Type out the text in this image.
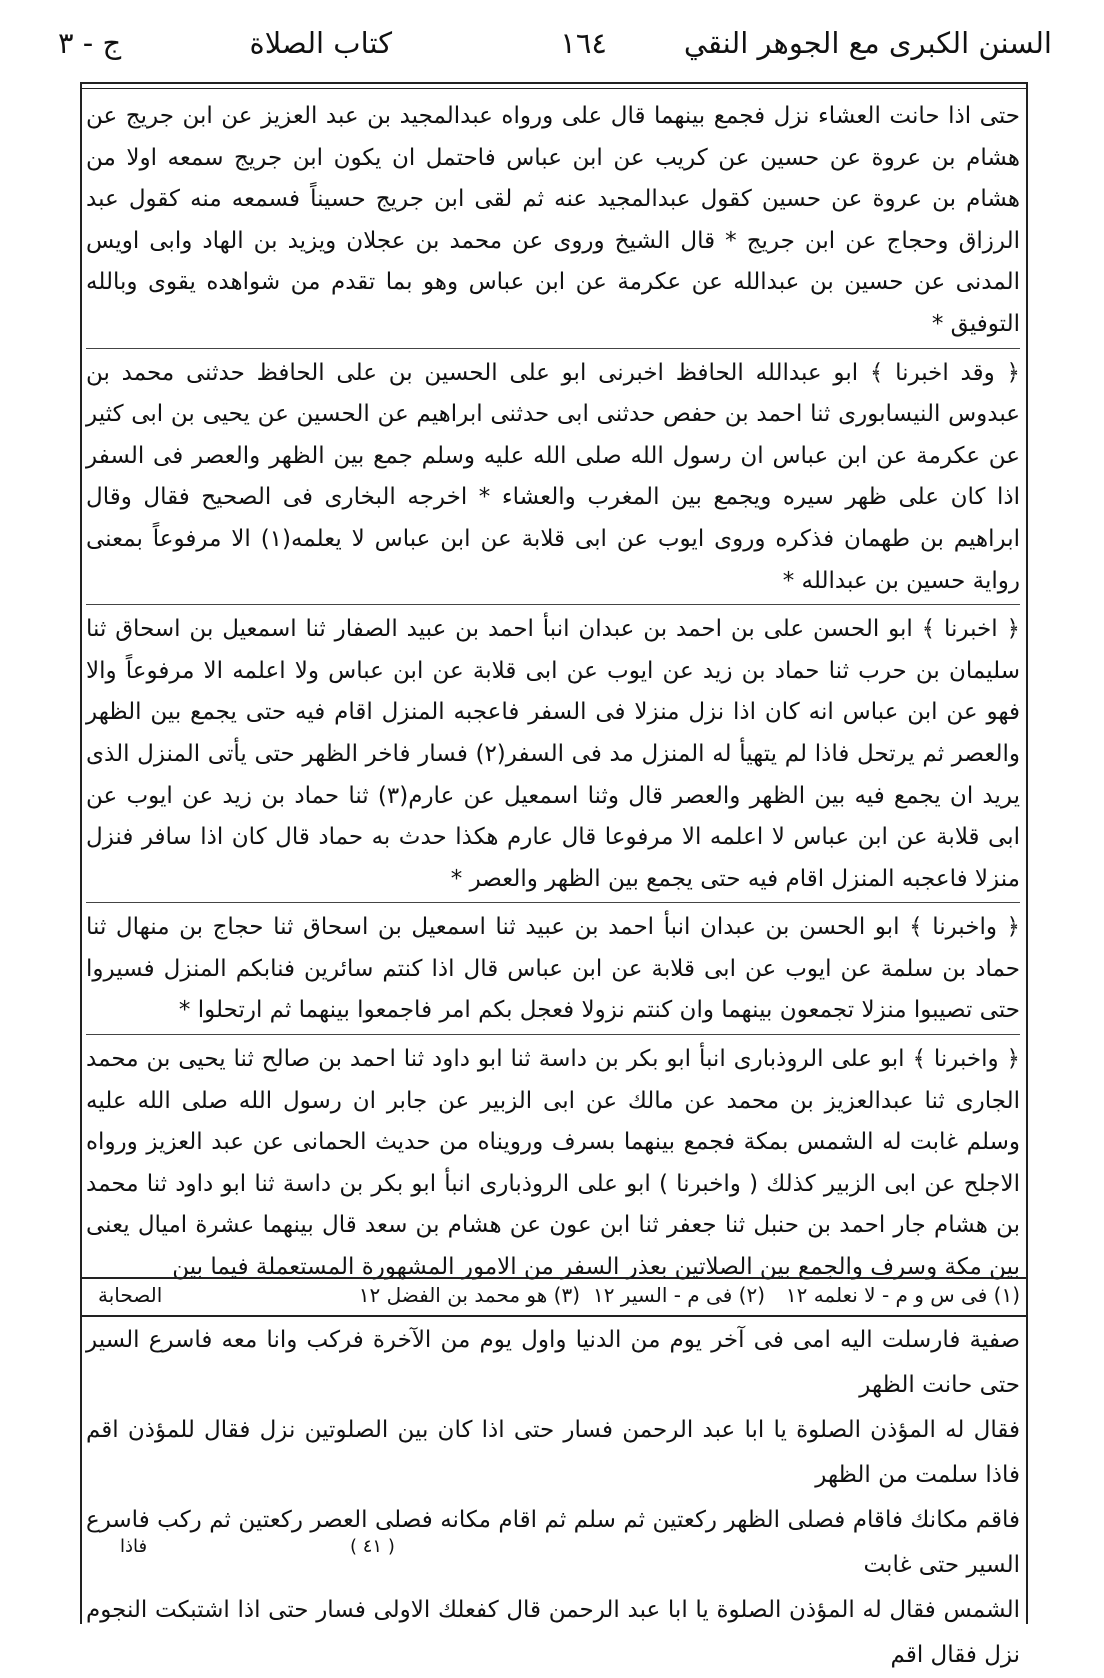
السنن الكبرى مع الجوهر النقي
١٦٤
كتاب الصلاة
ج - ٣

حتى اذا حانت العشاء نزل فجمع بينهما قال على ورواه عبدالمجيد بن عبد العزيز عن ابن جريج عن هشام بن عروة عن حسين عن كريب عن ابن عباس فاحتمل ان يكون ابن جريج سمعه اولا من هشام بن عروة عن حسين كقول عبدالمجيد عنه ثم لقى ابن جريج حسيناً فسمعه منه كقول عبد الرزاق وحجاج عن ابن جريج * قال الشيخ وروى عن محمد بن عجلان ويزيد بن الهاد وابى اويس المدنى عن حسين بن عبدالله عن عكرمة عن ابن عباس وهو بما تقدم من شواهده يقوى وبالله التوفيق *

﴿ وقد اخبرنا ﴾ ابو عبدالله الحافظ اخبرنى ابو على الحسين بن على الحافظ حدثنى محمد بن عبدوس النيسابورى ثنا احمد بن حفص حدثنى ابى حدثنى ابراهيم عن الحسين عن يحيى بن ابى كثير عن عكرمة عن ابن عباس ان رسول الله صلى الله عليه وسلم جمع بين الظهر والعصر فى السفر اذا كان على ظهر سيره ويجمع بين المغرب والعشاء * اخرجه البخارى فى الصحيح فقال وقال ابراهيم بن طهمان فذكره وروى ايوب عن ابى قلابة عن ابن عباس لا يعلمه(١) الا مرفوعاً بمعنى رواية حسين بن عبدالله *

﴿ اخبرنا ﴾ ابو الحسن على بن احمد بن عبدان انبأ احمد بن عبيد الصفار ثنا اسمعيل بن اسحاق ثنا سليمان بن حرب ثنا حماد بن زيد عن ايوب عن ابى قلابة عن ابن عباس ولا اعلمه الا مرفوعاً والا فهو عن ابن عباس انه كان اذا نزل منزلا فى السفر فاعجبه المنزل اقام فيه حتى يجمع بين الظهر والعصر ثم يرتحل فاذا لم يتهيأ له المنزل مد فى السفر(٢) فسار فاخر الظهر حتى يأتى المنزل الذى يريد ان يجمع فيه بين الظهر والعصر قال وثنا اسمعيل عن عارم(٣) ثنا حماد بن زيد عن ايوب عن ابى قلابة عن ابن عباس لا اعلمه الا مرفوعا قال عارم هكذا حدث به حماد قال كان اذا سافر فنزل منزلا فاعجبه المنزل اقام فيه حتى يجمع بين الظهر والعصر *

﴿ واخبرنا ﴾ ابو الحسن بن عبدان انبأ احمد بن عبيد ثنا اسمعيل بن اسحاق ثنا حجاج بن منهال ثنا حماد بن سلمة عن ايوب عن ابى قلابة عن ابن عباس قال اذا كنتم سائرين فنابكم المنزل فسيروا حتى تصيبوا منزلا تجمعون بينهما وان كنتم نزولا فعجل بكم امر فاجمعوا بينهما ثم ارتحلوا *

﴿ واخبرنا ﴾ ابو على الروذبارى انبأ ابو بكر بن داسة ثنا ابو داود ثنا احمد بن صالح ثنا يحيى بن محمد الجارى ثنا عبدالعزيز بن محمد عن مالك عن ابى الزبير عن جابر ان رسول الله صلى الله عليه وسلم غابت له الشمس بمكة فجمع بينهما بسرف ورويناه من حديث الحمانى عن عبد العزيز ورواه الاجلح عن ابى الزبير كذلك ( واخبرنا ) ابو على الروذبارى انبأ ابو بكر بن داسة ثنا ابو داود ثنا محمد بن هشام جار احمد بن حنبل ثنا جعفر ثنا ابن عون عن هشام بن سعد قال بينهما عشرة اميال يعنى بين مكة وسرف والجمع بين الصلاتين بعذر السفر من الامور المشهورة المستعملة فيما بين

(١) فى س و م - لا نعلمه ١٢
(٢) فى م - السير ١٢
(٣) هو محمد بن الفضل ١٢
الصحابة

صفية فارسلت اليه امى فى آخر يوم من الدنيا واول يوم من الآخرة فركب وانا معه فاسرع السير حتى حانت الظهر

فقال له المؤذن الصلوة يا ابا عبد الرحمن فسار حتى اذا كان بين الصلوتين نزل فقال للمؤذن اقم فاذا سلمت من الظهر

فاقم مكانك فاقام فصلى الظهر ركعتين ثم سلم ثم اقام مكانه فصلى العصر ركعتين ثم ركب فاسرع السير حتى غابت

الشمس فقال له المؤذن الصلوة يا ابا عبد الرحمن قال كفعلك الاولى فسار حتى اذا اشتبكت النجوم نزل فقال اقم

( ٤١ )
فاذا
